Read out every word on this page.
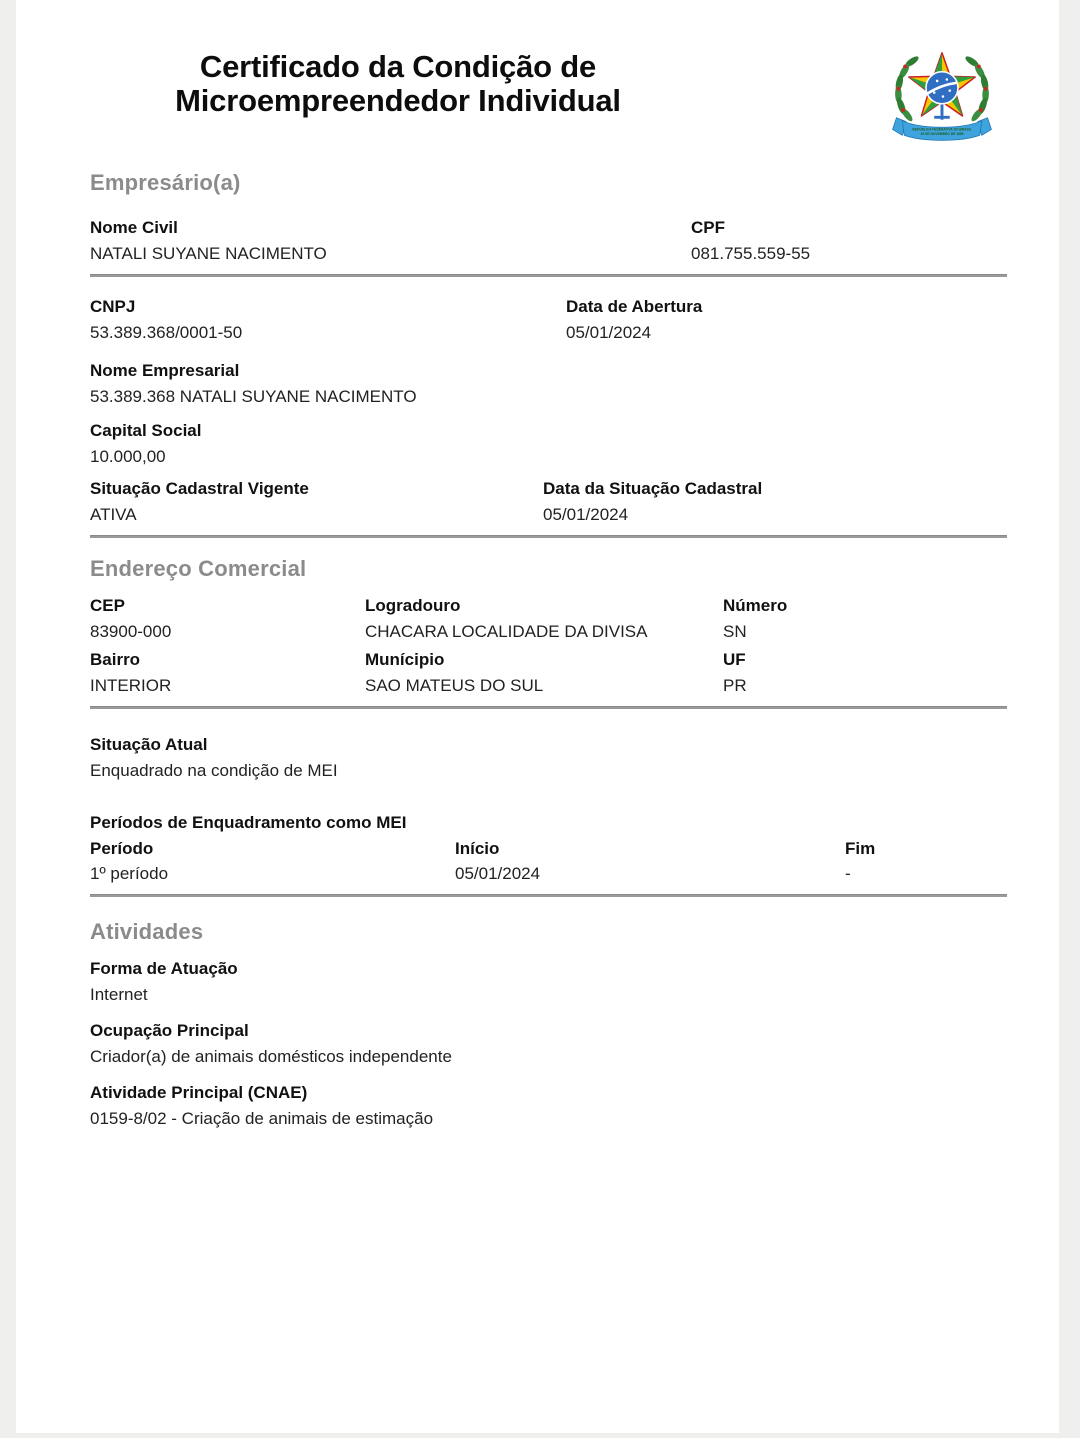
Certificado da Condição de
Microempreendedor Individual
REPÚBLICA FEDERATIVA DO BRASIL
15 DE NOVEMBRO DE 1889
Empresário(a)
Nome Civil
NATALI SUYANE NACIMENTO
CPF
081.755.559-55
CNPJ
53.389.368/0001-50
Data de Abertura
05/01/2024
Nome Empresarial
53.389.368 NATALI SUYANE NACIMENTO
Capital Social
10.000,00
Situação Cadastral Vigente
ATIVA
Data da Situação Cadastral
05/01/2024
Endereço Comercial
CEP
83900-000
Logradouro
CHACARA LOCALIDADE DA DIVISA
Número
SN
Bairro
INTERIOR
Munícipio
SAO MATEUS DO SUL
UF
PR
Situação Atual
Enquadrado na condição de MEI
Períodos de Enquadramento como MEI
Período	Início	Fim
1º período	05/01/2024	-
Atividades
Forma de Atuação
Internet
Ocupação Principal
Criador(a) de animais domésticos independente
Atividade Principal (CNAE)
0159-8/02 - Criação de animais de estimação
